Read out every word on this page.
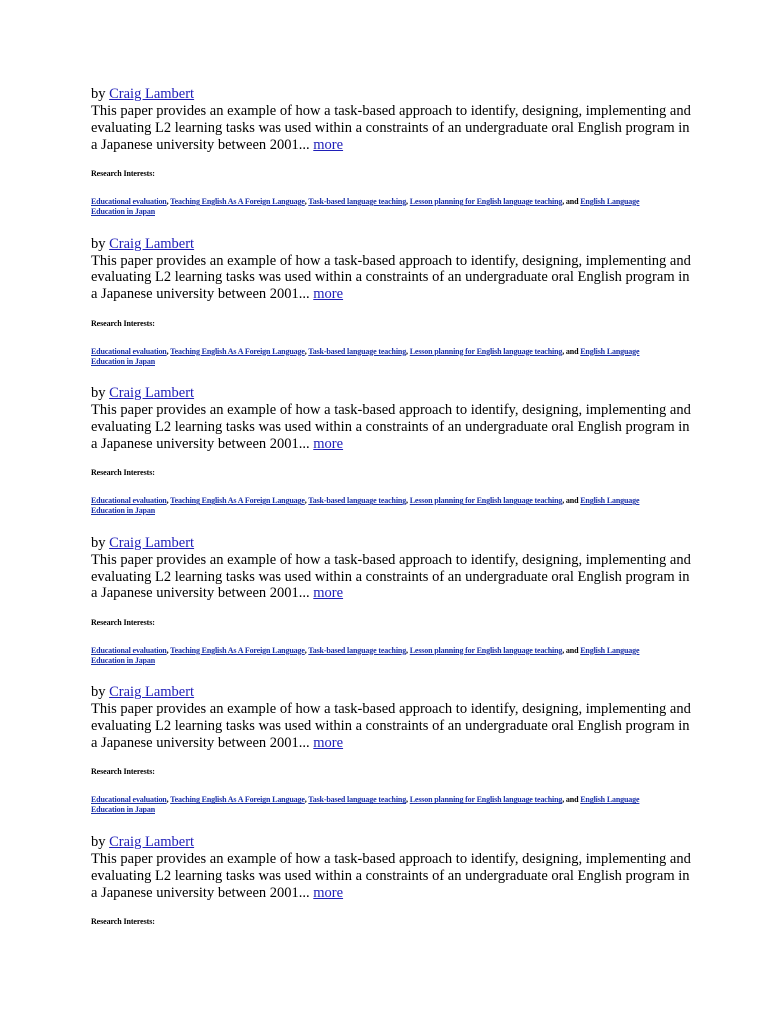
by Craig Lambert

This paper provides an example of how a task-based approach to identify, designing, implementing and evaluating L2 learning tasks was used within a constraints of an undergraduate oral English program in a Japanese university between 2001... more

Research Interests:
Educational evaluation, Teaching English As A Foreign Language, Task-based language teaching, Lesson planning for English language teaching, and English Language Education in Japan

by Craig Lambert

This paper provides an example of how a task-based approach to identify, designing, implementing and evaluating L2 learning tasks was used within a constraints of an undergraduate oral English program in a Japanese university between 2001... more

Research Interests:
Educational evaluation, Teaching English As A Foreign Language, Task-based language teaching, Lesson planning for English language teaching, and English Language Education in Japan

by Craig Lambert

This paper provides an example of how a task-based approach to identify, designing, implementing and evaluating L2 learning tasks was used within a constraints of an undergraduate oral English program in a Japanese university between 2001... more

Research Interests:
Educational evaluation, Teaching English As A Foreign Language, Task-based language teaching, Lesson planning for English language teaching, and English Language Education in Japan

by Craig Lambert

This paper provides an example of how a task-based approach to identify, designing, implementing and evaluating L2 learning tasks was used within a constraints of an undergraduate oral English program in a Japanese university between 2001... more

Research Interests:
Educational evaluation, Teaching English As A Foreign Language, Task-based language teaching, Lesson planning for English language teaching, and English Language Education in Japan

by Craig Lambert

This paper provides an example of how a task-based approach to identify, designing, implementing and evaluating L2 learning tasks was used within a constraints of an undergraduate oral English program in a Japanese university between 2001... more

Research Interests:
Educational evaluation, Teaching English As A Foreign Language, Task-based language teaching, Lesson planning for English language teaching, and English Language Education in Japan

by Craig Lambert

This paper provides an example of how a task-based approach to identify, designing, implementing and evaluating L2 learning tasks was used within a constraints of an undergraduate oral English program in a Japanese university between 2001... more

Research Interests:
